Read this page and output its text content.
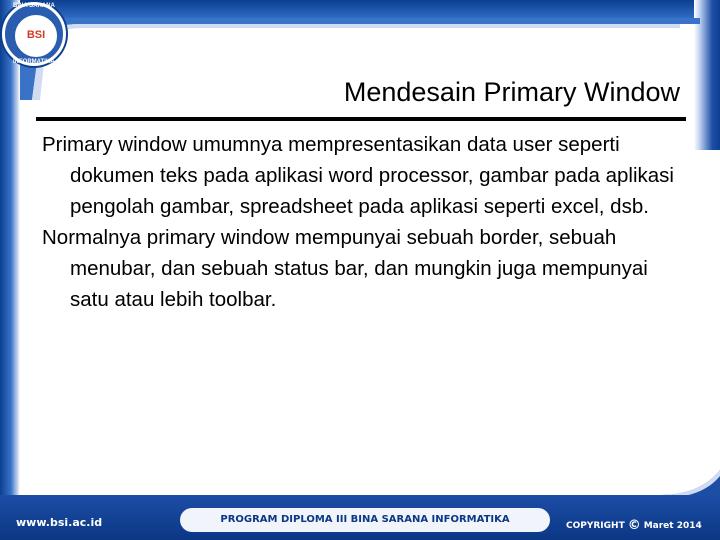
BINA SARANA
BSI
INFORMATIKA
Mendesain Primary Window

Primary window umumnya mempresentasikan data user seperti dokumen teks pada aplikasi word processor, gambar pada aplikasi pengolah gambar, spreadsheet pada aplikasi seperti excel, dsb.

Normalnya primary window mempunyai sebuah border, sebuah menubar, dan sebuah status bar, dan mungkin juga mempunyai satu atau lebih toolbar.

www.bsi.ac.id	PROGRAM DIPLOMA III BINA SARANA INFORMATIKA
COPYRIGHT © Maret 2014
